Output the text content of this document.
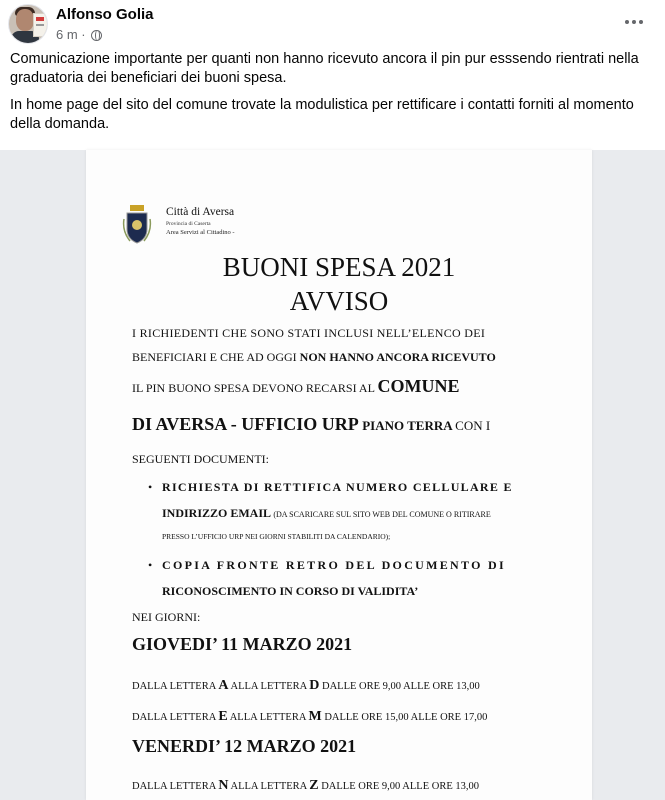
Alfonso Golia
6 m ·

Comunicazione importante per quanti non hanno ricevuto ancora il pin pur esssendo rientrati nella graduatoria dei beneficiari dei buoni spesa.

In home page del sito del comune trovate la modulistica per rettificare i contatti forniti al momento della domanda.

Città di Aversa
Provincia di Caserta
Area Servizi al Cittadino -
BUONI SPESA 2021
AVVISO
I RICHIEDENTI CHE SONO STATI INCLUSI NELL’ELENCO DEI
BENEFICIARI E CHE AD OGGI NON HANNO ANCORA RICEVUTO
IL PIN BUONO SPESA DEVONO RECARSI AL COMUNE
DI AVERSA - UFFICIO URP PIANO TERRA CON I
SEGUENTI DOCUMENTI:
• RICHIESTA DI RETTIFICA NUMERO CELLULARE E
INDIRIZZO EMAIL (DA SCARICARE SUL SITO WEB DEL COMUNE O RITIRARE
PRESSO L’UFFICIO URP NEI GIORNI STABILITI DA CALENDARIO);
• COPIA FRONTE RETRO DEL DOCUMENTO DI
RICONOSCIMENTO IN CORSO DI VALIDITA’
NEI GIORNI:
GIOVEDI’ 11 MARZO 2021
DALLA LETTERA A ALLA LETTERA D DALLE ORE 9,00 ALLE ORE 13,00
DALLA LETTERA E ALLA LETTERA M DALLE ORE 15,00 ALLE ORE 17,00
VENERDI’ 12 MARZO 2021
DALLA LETTERA N ALLA LETTERA Z DALLE ORE 9,00 ALLE ORE 13,00
